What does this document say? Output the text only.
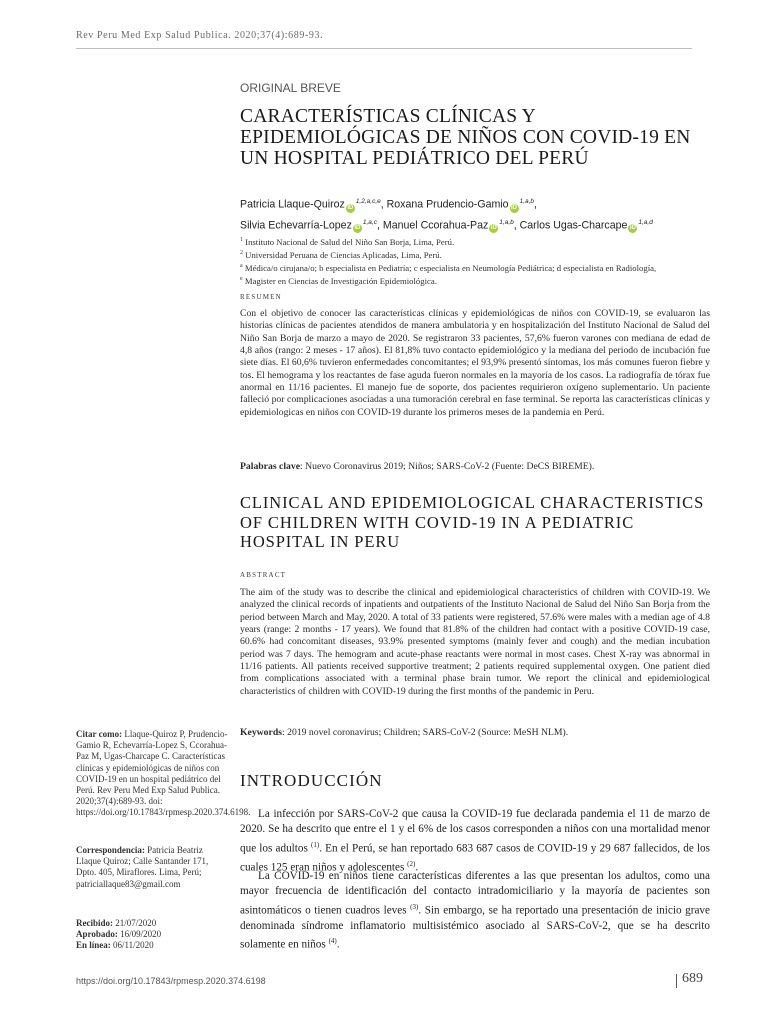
Rev Peru Med Exp Salud Publica. 2020;37(4):689-93.
ORIGINAL BREVE
CARACTERÍSTICAS CLÍNICAS Y EPIDEMIOLÓGICAS DE NIÑOS CON COVID-19 EN UN HOSPITAL PEDIÁTRICO DEL PERÚ
Patricia Llaque-Quiroz iD$^{1,2,a,c,e}$, Roxana Prudencio-Gamio iD$^{1,a,b}$,
Silvia Echevarría-Lopez iD$^{1,a,c}$, Manuel Ccorahua-Paz iD$^{1,a,b}$, Carlos Ugas-Charcape iD$^{1,a,d}$
$^1$ Instituto Nacional de Salud del Niño San Borja, Lima, Perú.
$^2$ Universidad Peruana de Ciencias Aplicadas, Lima, Perú.
$^a$ Médica/o cirujana/o; b especialista en Pediatría; c especialista en Neumología Pediátrica; d especialista en Radiología,
$^e$ Magister en Ciencias de Investigación Epidemiológica.
resumen
Con el objetivo de conocer las características clínicas y epidemiológicas de niños con COVID-19, se evaluaron las historias clínicas de pacientes atendidos de manera ambulatoria y en hospitalización del Instituto Nacional de Salud del Niño San Borja de marzo a mayo de 2020. Se registraron 33 pacientes, 57,6% fueron varones con mediana de edad de 4,8 años (rango: 2 meses - 17 años). El 81,8% tuvo contacto epidemiológico y la mediana del periodo de incubación fue siete días. El 60,6% tuvieron enfermedades concomitantes; el 93,9% presentó síntomas, los más comunes fueron fiebre y tos. El hemograma y los reactantes de fase aguda fueron normales en la mayoría de los casos. La radiografía de tórax fue anormal en 11/16 pacientes. El manejo fue de soporte, dos pacientes requirieron oxígeno suplementario. Un paciente falleció por complicaciones asociadas a una tumoración cerebral en fase terminal. Se reporta las características clínicas y epidemiologicas en niños con COVID-19 durante los primeros meses de la pandemia en Perú.
Palabras clave: Nuevo Coronavirus 2019; Niños; SARS-CoV-2 (Fuente: DeCS BIREME).
CLINICAL AND EPIDEMIOLOGICAL CHARACTERISTICS OF CHILDREN WITH COVID-19 IN A PEDIATRIC HOSPITAL IN PERU
abstract
The aim of the study was to describe the clinical and epidemiological characteristics of children with COVID-19. We analyzed the clinical records of inpatients and outpatients of the Instituto Nacional de Salud del Niño San Borja from the period between March and May, 2020. A total of 33 patients were registered, 57.6% were males with a median age of 4.8 years (range: 2 months - 17 years). We found that 81.8% of the children had contact with a positive COVID-19 case, 60.6% had concomitant diseases, 93.9% presented symptoms (mainly fever and cough) and the median incubation period was 7 days. The hemogram and acute-phase reactants were normal in most cases. Chest X-ray was abnormal in 11/16 patients. All patients received supportive treatment; 2 patients required supplemental oxygen. One patient died from complications associated with a terminal phase brain tumor. We report the clinical and epidemiological characteristics of children with COVID-19 during the first months of the pandemic in Peru.
Keywords: 2019 novel coronavirus; Children; SARS-CoV-2 (Source: MeSH NLM).
Citar como: Llaque-Quiroz P, Prudencio-Gamio R, Echevarría-Lopez S, Ccorahua-Paz M, Ugas-Charcape C. Características clínicas y epidemiológicas de niños con COVID-19 en un hospital pediátrico del Perú. Rev Peru Med Exp Salud Publica. 2020;37(4):689-93. doi: https://doi.org/10.17843/rpmesp.2020.374.6198.
Correspondencia: Patricia Beatriz Llaque Quiroz; Calle Santander 171, Dpto. 405, Miraflores. Lima, Perú; patriciallaque83@gmail.com
Recibido: 21/07/2020
Aprobado: 16/09/2020
En línea: 06/11/2020
INTRODUCCIÓN

La infección por SARS-CoV-2 que causa la COVID-19 fue declarada pandemia el 11 de marzo de 2020. Se ha descrito que entre el 1 y el 6% de los casos corresponden a niños con una mortalidad menor que los adultos $^{(1)}$. En el Perú, se han reportado 683 687 casos de COVID-19 y 29 687 fallecidos, de los cuales 125 eran niños y adolescentes $^{(2)}$.

La COVID-19 en niños tiene características diferentes a las que presentan los adultos, como una mayor frecuencia de identificación del contacto intradomiciliario y la mayoría de pacientes son asintomáticos o tienen cuadros leves $^{(3)}$. Sin embargo, se ha reportado una presentación de inicio grave denominada síndrome inflamatorio multisistémico asociado al SARS-CoV-2, que se ha descrito solamente en niños $^{(4)}$.

https://doi.org/10.17843/rpmesp.2020.374.6198	689
